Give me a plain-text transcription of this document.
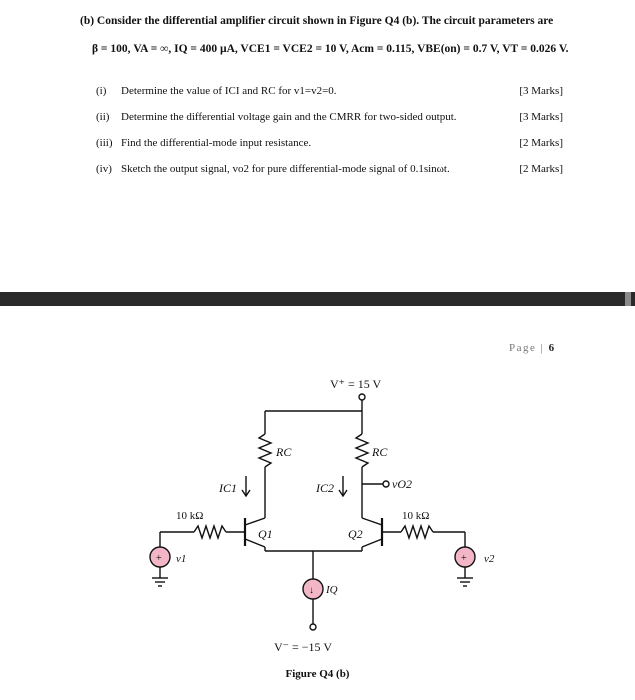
(b) Consider the differential amplifier circuit shown in Figure Q4 (b). The circuit parameters are
β = 100, VA = ∞, IQ = 400 µA, VCE1 = VCE2 = 10 V, Acm = 0.115, VBE(on) = 0.7 V, VT = 0.026 V.
(i) Determine the value of ICI and RC for v1=v2=0.	[3 Marks]
(ii) Determine the differential voltage gain and the CMRR for two-sided output.	[3 Marks]
(iii) Find the differential-mode input resistance.	[2 Marks]
(iv) Sketch the output signal, vo2 for pure differential-mode signal of 0.1sinωt.	[2 Marks]
Page | 6
+	+
↓
V⁺ = 15 V
V⁻ = −15 V
RC	RC
IC1	IC2	vO2
10 kΩ	10 kΩ
Q1	Q2
v1	v2
IQ
Figure Q4 (b)
